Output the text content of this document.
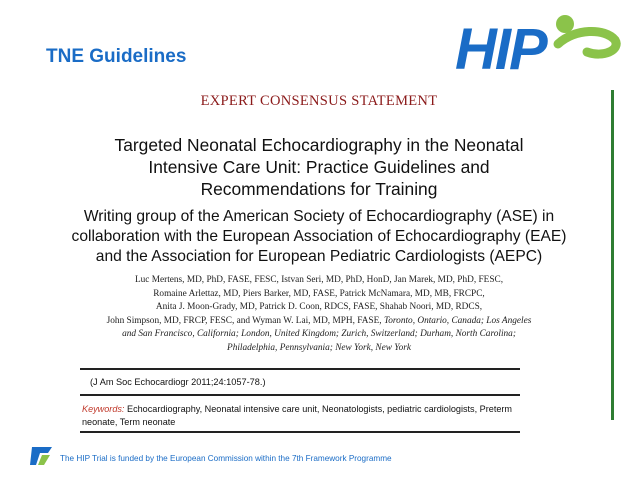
TNE Guidelines	HIP
EXPERT CONSENSUS STATEMENT
Targeted Neonatal Echocardiography in the Neonatal
Intensive Care Unit: Practice Guidelines and
Recommendations for Training
Writing group of the American Society of Echocardiography (ASE) in
collaboration with the European Association of Echocardiography (EAE)
and the Association for European Pediatric Cardiologists (AEPC)
Luc Mertens, MD, PhD, FASE, FESC, Istvan Seri, MD, PhD, HonD, Jan Marek, MD, PhD, FESC,
Romaine Arlettaz, MD, Piers Barker, MD, FASE, Patrick McNamara, MD, MB, FRCPC,
Anita J. Moon-Grady, MD, Patrick D. Coon, RDCS, FASE, Shahab Noori, MD, RDCS,
John Simpson, MD, FRCP, FESC, and Wyman W. Lai, MD, MPH, FASE, Toronto, Ontario, Canada; Los Angeles
and San Francisco, California; London, United Kingdom; Zurich, Switzerland; Durham, North Carolina;
Philadelphia, Pennsylvania; New York, New York
(J Am Soc Echocardiogr 2011;24:1057-78.)
Keywords: Echocardiography, Neonatal intensive care unit, Neonatologists, pediatric cardiologists, Preterm neonate, Term neonate
The HIP Trial is funded by the European Commission within the 7th Framework Programme
